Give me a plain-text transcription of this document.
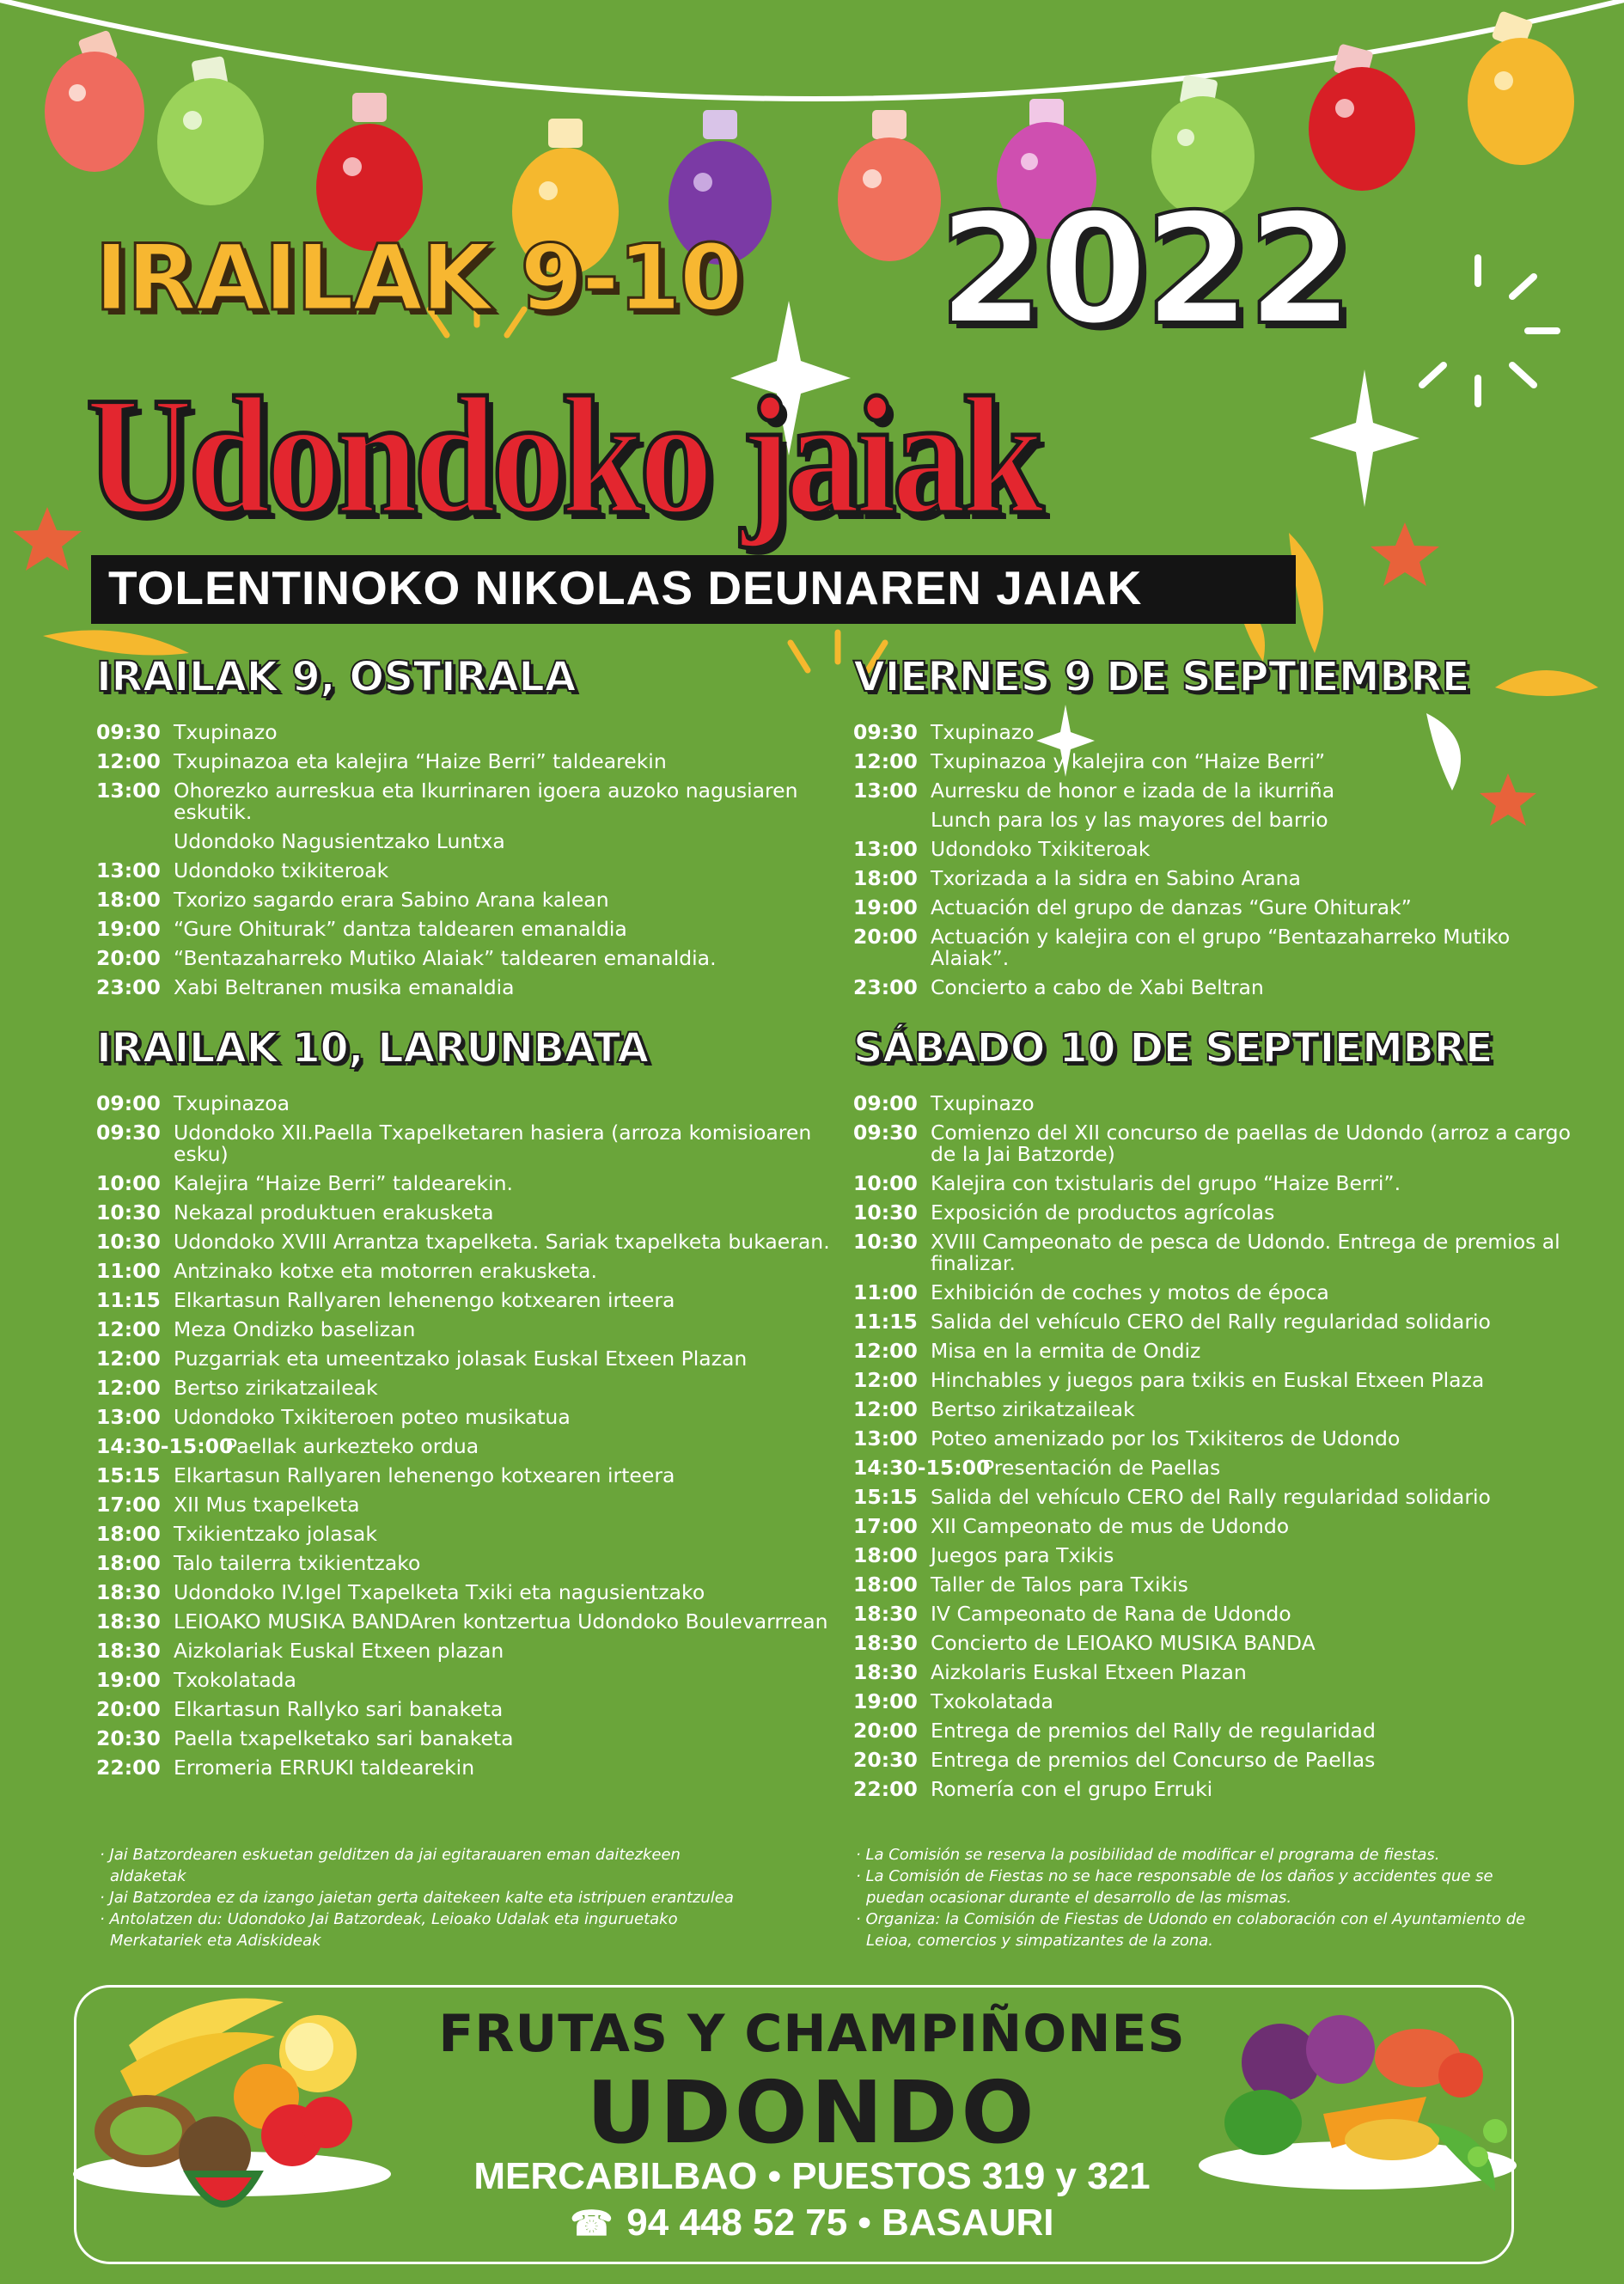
IRAILAK 9-10 2022
Udondoko jaiak
TOLENTINOKO NIKOLAS DEUNAREN JAIAK
IRAILAK 9, OSTIRALA
09:30 Txupinazo
12:00 Txupinazoa eta kalejira “Haize Berri” taldearekin
13:00 Ohorezko aurreskua eta Ikurrinaren igoera auzoko nagusiaren eskutik.
Udondoko Nagusientzako Luntxa
13:00 Udondoko txikiteroak
18:00 Txorizo sagardo erara Sabino Arana kalean
19:00 “Gure Ohiturak” dantza taldearen emanaldia
20:00 “Bentazaharreko Mutiko Alaiak” taldearen emanaldia.
23:00 Xabi Beltranen musika emanaldia
VIERNES 9 DE SEPTIEMBRE
09:30 Txupinazo
12:00 Txupinazoa y kalejira con “Haize Berri”
13:00 Aurresku de honor e izada de la ikurriña
Lunch para los y las mayores del barrio
13:00 Udondoko Txikiteroak
18:00 Txorizada a la sidra en Sabino Arana
19:00 Actuación del grupo de danzas “Gure Ohiturak”
20:00 Actuación y kalejira con el grupo “Bentazaharreko Mutiko Alaiak”.
23:00 Concierto a cabo de Xabi Beltran
IRAILAK 10, LARUNBATA
09:00 Txupinazoa
09:30 Udondoko XII.Paella Txapelketaren hasiera (arroza komisioaren esku)
10:00 Kalejira “Haize Berri” taldearekin.
10:30 Nekazal produktuen erakusketa
10:30 Udondoko XVIII Arrantza txapelketa. Sariak txapelketa bukaeran.
11:00 Antzinako kotxe eta motorren erakusketa.
11:15 Elkartasun Rallyaren lehenengo kotxearen irteera
12:00 Meza Ondizko baselizan
12:00 Puzgarriak eta umeentzako jolasak Euskal Etxeen Plazan
12:00 Bertso zirikatzaileak
13:00 Udondoko Txikiteroen poteo musikatua
14:30-15:00
Paellak aurkezteko ordua
15:15 Elkartasun Rallyaren lehenengo kotxearen irteera
17:00 XII Mus txapelketa
18:00 Txikientzako jolasak
18:00 Talo tailerra txikientzako
18:30 Udondoko IV.Igel Txapelketa Txiki eta nagusientzako
18:30 LEIOAKO MUSIKA BANDAren kontzertua Udondoko Boulevarrrean
18:30 Aizkolariak Euskal Etxeen plazan
19:00 Txokolatada
20:00 Elkartasun Rallyko sari banaketa
20:30 Paella txapelketako sari banaketa
22:00 Erromeria ERRUKI taldearekin
SÁBADO 10 DE SEPTIEMBRE
09:00 Txupinazo
09:30 Comienzo del XII concurso de paellas de Udondo (arroz a cargo de la Jai Batzorde)
10:00 Kalejira con txistularis del grupo “Haize Berri”.
10:30 Exposición de productos agrícolas
10:30 XVIII Campeonato de pesca de Udondo. Entrega de premios al finalizar.
11:00 Exhibición de coches y motos de época
11:15 Salida del vehículo CERO del Rally regularidad solidario
12:00 Misa en la ermita de Ondiz
12:00 Hinchables y juegos para txikis en Euskal Etxeen Plaza
12:00 Bertso zirikatzaileak
13:00 Poteo amenizado por los Txikiteros de Udondo
14:30-15:00
Presentación de Paellas
15:15 Salida del vehículo CERO del Rally regularidad solidario
17:00 XII Campeonato de mus de Udondo
18:00 Juegos para Txikis
18:00 Taller de Talos para Txikis
18:30 IV Campeonato de Rana de Udondo
18:30 Concierto de LEIOAKO MUSIKA BANDA
18:30 Aizkolaris Euskal Etxeen Plazan
19:00 Txokolatada
20:00 Entrega de premios del Rally de regularidad
20:30 Entrega de premios del Concurso de Paellas
22:00 Romería con el grupo Erruki

· Jai Batzordearen eskuetan gelditzen da jai egitarauaren eman daitezkeen aldaketak

· Jai Batzordea ez da izango jaietan gerta daitekeen kalte eta istripuen erantzulea

· Antolatzen du: Udondoko Jai Batzordeak, Leioako Udalak eta inguruetako Merkatariek eta Adiskideak

· La Comisión se reserva la posibilidad de modificar el programa de fiestas.

· La Comisión de Fiestas no se hace responsable de los daños y accidentes que se puedan ocasionar durante el desarrollo de las mismas.

· Organiza: la Comisión de Fiestas de Udondo en colaboración con el Ayuntamiento de Leioa, comercios y simpatizantes de la zona.

FRUTAS Y CHAMPIÑONES
UDONDO
MERCABILBAO • PUESTOS 319 y 321
☎ 94 448 52 75 • BASAURI
